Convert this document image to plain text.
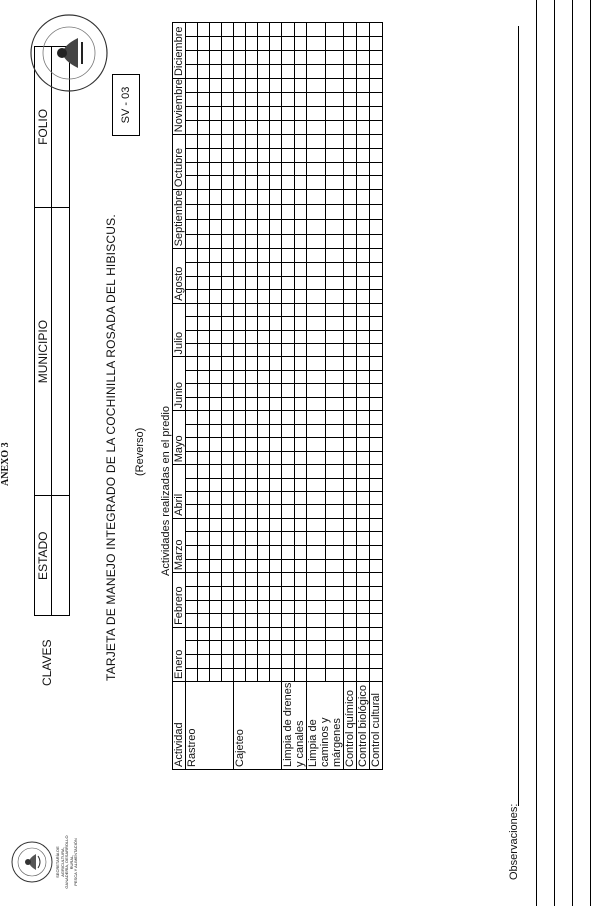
SECRETARÍA DE AGRICULTURA, GANADERÍA, DESARROLLO RURAL, PESCA Y ALIMENTACIÓN
ANEXO 3
CLAVES
ESTADO	MUNICIPIO	FOLIO

TARJETA DE MANEJO INTEGRADO DE LA COCHINILLA ROSADA DEL HIBISCUS. (Reverso)
SV - 03
Actividades realizadas en el predio
Actividad	Enero				Febrero				Marzo				Abril				Mayo				Junio				Julio				Agosto				Septiembre				Octubre				Noviembre				Diciembre			
Rastreo																																																

Cajeteo																																																

Limpia de drenes y canales																																																

Limpia de caminos y márgenes																																																

Control químico																																																
Control biológico																																																
Control cultural																																																
Observaciones:
